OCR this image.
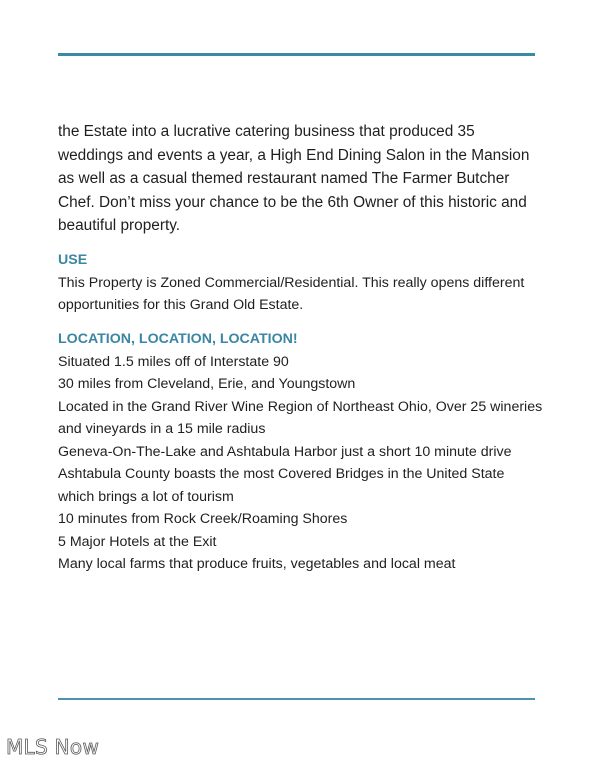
the Estate into a lucrative catering business that produced 35 weddings and events a year, a High End Dining Salon in the Mansion as well as a casual themed restaurant named The Farmer Butcher Chef. Don’t miss your chance to be the 6th Owner of this historic and beautiful property.

USE

This Property is Zoned Commercial/Residential. This really opens different opportunities for this Grand Old Estate.

LOCATION, LOCATION, LOCATION!
Situated 1.5 miles off of Interstate 90
30 miles from Cleveland, Erie, and Youngstown
Located in the Grand River Wine Region of Northeast Ohio, Over 25 wineries and vineyards in a 15 mile radius
Geneva-On-The-Lake and Ashtabula Harbor just a short 10 minute drive
Ashtabula County boasts the most Covered Bridges in the United State which brings a lot of tourism
10 minutes from Rock Creek/Roaming Shores
5 Major Hotels at the Exit
Many local farms that produce fruits, vegetables and local meat
MLS Now
